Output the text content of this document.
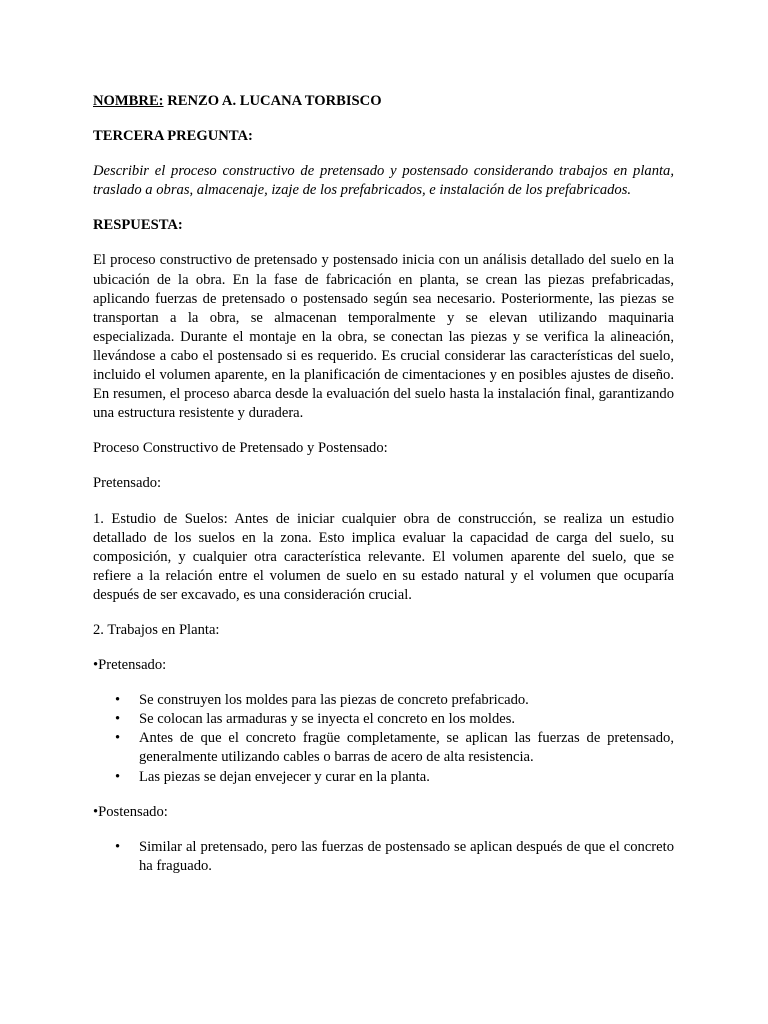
NOMBRE: RENZO A. LUCANA TORBISCO

TERCERA PREGUNTA:

Describir el proceso constructivo de pretensado y postensado considerando trabajos en planta, traslado a obras, almacenaje, izaje de los prefabricados, e instalación de los prefabricados.

RESPUESTA:

El proceso constructivo de pretensado y postensado inicia con un análisis detallado del suelo en la ubicación de la obra. En la fase de fabricación en planta, se crean las piezas prefabricadas, aplicando fuerzas de pretensado o postensado según sea necesario. Posteriormente, las piezas se transportan a la obra, se almacenan temporalmente y se elevan utilizando maquinaria especializada. Durante el montaje en la obra, se conectan las piezas y se verifica la alineación, llevándose a cabo el postensado si es requerido. Es crucial considerar las características del suelo, incluido el volumen aparente, en la planificación de cimentaciones y en posibles ajustes de diseño. En resumen, el proceso abarca desde la evaluación del suelo hasta la instalación final, garantizando una estructura resistente y duradera.

Proceso Constructivo de Pretensado y Postensado:

Pretensado:

1. Estudio de Suelos: Antes de iniciar cualquier obra de construcción, se realiza un estudio detallado de los suelos en la zona. Esto implica evaluar la capacidad de carga del suelo, su composición, y cualquier otra característica relevante. El volumen aparente del suelo, que se refiere a la relación entre el volumen de suelo en su estado natural y el volumen que ocuparía después de ser excavado, es una consideración crucial.

2. Trabajos en Planta:

•Pretensado:

• Se construyen los moldes para las piezas de concreto prefabricado.
• Se colocan las armaduras y se inyecta el concreto en los moldes.
• Antes de que el concreto fragüe completamente, se aplican las fuerzas de pretensado, generalmente utilizando cables o barras de acero de alta resistencia.
• Las piezas se dejan envejecer y curar en la planta.

•Postensado:

• Similar al pretensado, pero las fuerzas de postensado se aplican después de que el concreto ha fraguado.
